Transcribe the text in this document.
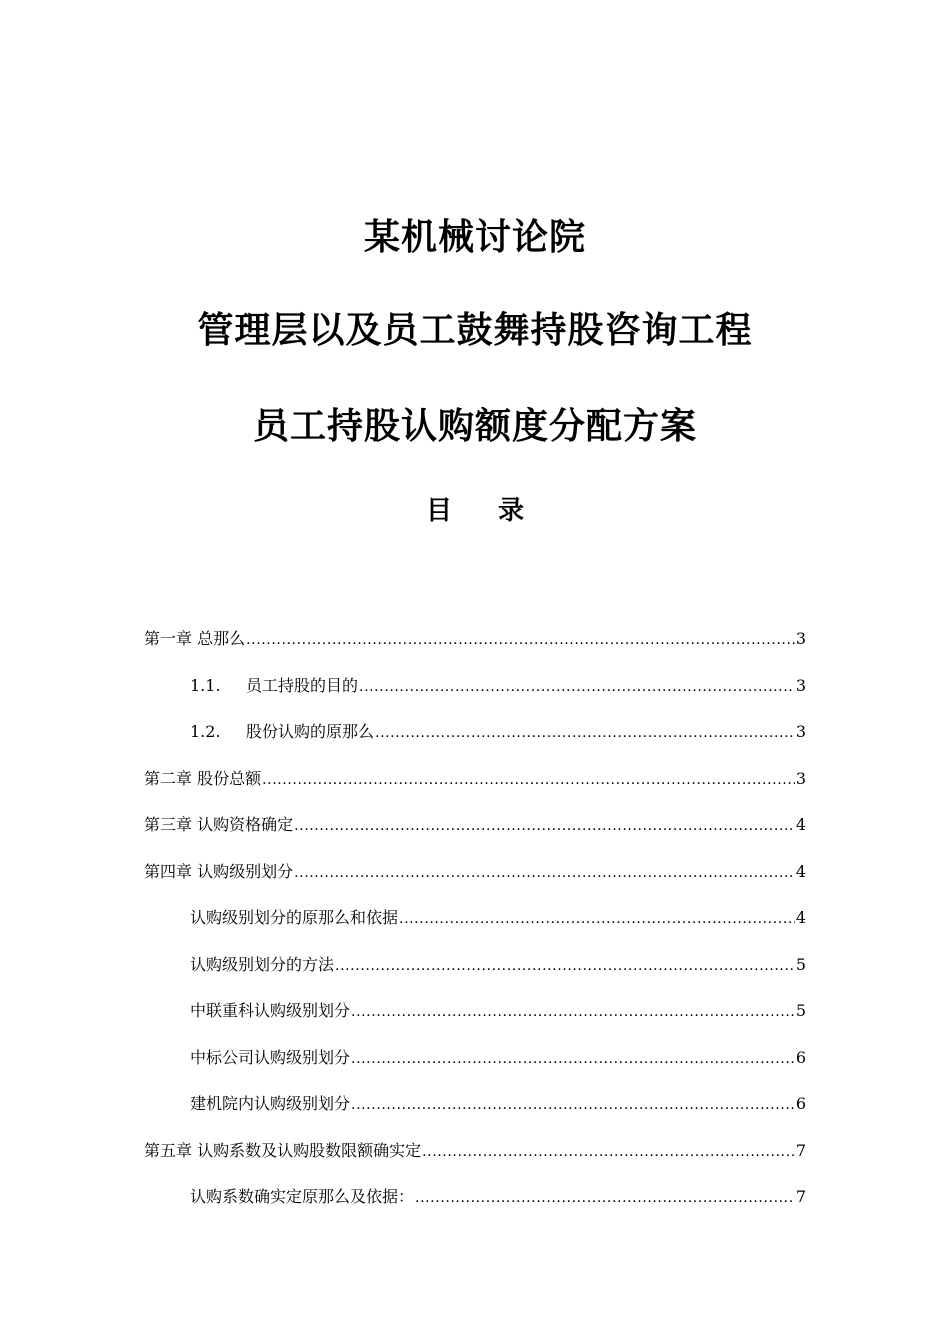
某机械讨论院
管理层以及员工鼓舞持股咨询工程
员工持股认购额度分配方案
目 录
第一章 总那么 .....	3
1.1.	员工持股的目的 .....	3
1.2.	股份认购的原那么 .....	3
第二章 股份总额 .....	3
第三章 认购资格确定 .....	4
第四章 认购级别划分 .....	4
认购级别划分的原那么和依据 .....	4
认购级别划分的方法 .....	5
中联重科认购级别划分 .....	5
中标公司认购级别划分 .....	6
建机院内认购级别划分 .....	6
第五章 认购系数及认购股数限额确实定 .....	7
认购系数确实定原那么及依据： .....	7
